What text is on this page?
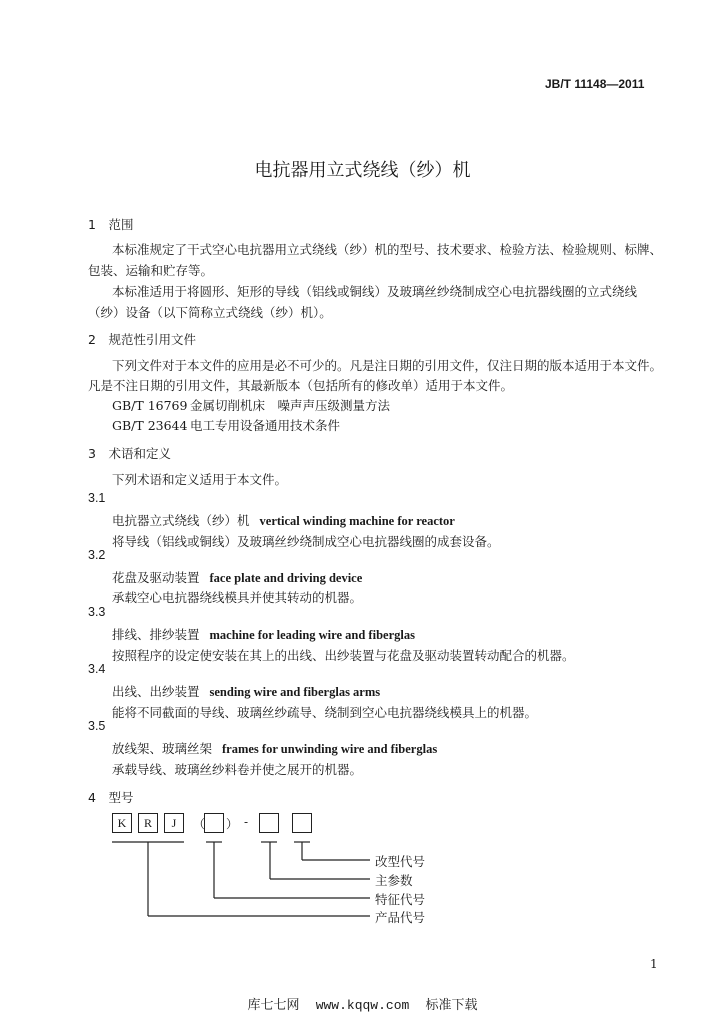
JB/T 11148—2011
电抗器用立式绕线（纱）机
1　范围
本标准规定了干式空心电抗器用立式绕线（纱）机的型号、技术要求、检验方法、检验规则、标牌、
包装、运输和贮存等。
本标准适用于将圆形、矩形的导线（铝线或铜线）及玻璃丝纱绕制成空心电抗器线圈的立式绕线
（纱）设备（以下简称立式绕线（纱）机）。
2　规范性引用文件
下列文件对于本文件的应用是必不可少的。凡是注日期的引用文件，仅注日期的版本适用于本文件。
凡是不注日期的引用文件，其最新版本（包括所有的修改单）适用于本文件。
GB/T 16769 金属切削机床　噪声声压级测量方法
GB/T 23644 电工专用设备通用技术条件
3　术语和定义
下列术语和定义适用于本文件。
3.1
电抗器立式绕线（纱）机 vertical winding machine for reactor
将导线（铝线或铜线）及玻璃丝纱绕制成空心电抗器线圈的成套设备。
3.2
花盘及驱动装置 face plate and driving device
承载空心电抗器绕线模具并使其转动的机器。
3.3
排线、排纱装置 machine for leading wire and fiberglas
按照程序的设定使安装在其上的出线、出纱装置与花盘及驱动装置转动配合的机器。
3.4
出线、出纱装置 sending wire and fiberglas arms
能将不同截面的导线、玻璃丝纱疏导、绕制到空心电抗器绕线模具上的机器。
3.5
放线架、玻璃丝架 frames for unwinding wire and fiberglas
承载导线、玻璃丝纱料卷并使之展开的机器。
4　型号
K	R	J	（ ） -
改型代号
主参数
特征代号
产品代号
1
库七七网 www.kqqw.com 标准下载
